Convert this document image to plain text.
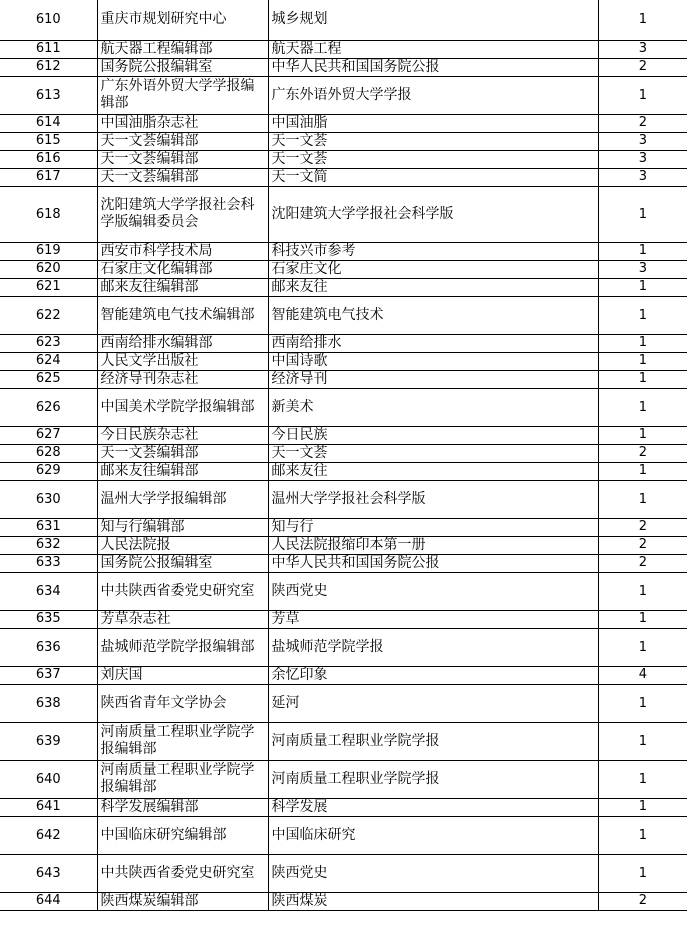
610	重庆市规划研究中心	城乡规划	1
611	航天器工程编辑部	航天器工程	3
612	国务院公报编辑室	中华人民共和国国务院公报	2
613	广东外语外贸大学学报编辑部	广东外语外贸大学学报	1
614	中国油脂杂志社	中国油脂	2
615	天一文荟编辑部	天一文荟	3
616	天一文荟编辑部	天一文荟	3
617	天一文荟编辑部	天一文简	3
618	沈阳建筑大学学报社会科学版编辑委员会	沈阳建筑大学学报社会科学版	1
619	西安市科学技术局	科技兴市参考	1
620	石家庄文化编辑部	石家庄文化	3
621	邮来友往编辑部	邮来友往	1
622	智能建筑电气技术编辑部	智能建筑电气技术	1
623	西南给排水编辑部	西南给排水	1
624	人民文学出版社	中国诗歌	1
625	经济导刊杂志社	经济导刊	1
626	中国美术学院学报编辑部	新美术	1
627	今日民族杂志社	今日民族	1
628	天一文荟编辑部	天一文荟	2
629	邮来友往编辑部	邮来友往	1
630	温州大学学报编辑部	温州大学学报社会科学版	1
631	知与行编辑部	知与行	2
632	人民法院报	人民法院报缩印本第一册	2
633	国务院公报编辑室	中华人民共和国国务院公报	2
634	中共陕西省委党史研究室	陕西党史	1
635	芳草杂志社	芳草	1
636	盐城师范学院学报编辑部	盐城师范学院学报	1
637	刘庆国	余忆印象	4
638	陕西省青年文学协会	延河	1
639	河南质量工程职业学院学报编辑部	河南质量工程职业学院学报	1
640	河南质量工程职业学院学报编辑部	河南质量工程职业学院学报	1
641	科学发展编辑部	科学发展	1
642	中国临床研究编辑部	中国临床研究	1
643	中共陕西省委党史研究室	陕西党史	1
644	陕西煤炭编辑部	陕西煤炭	2
